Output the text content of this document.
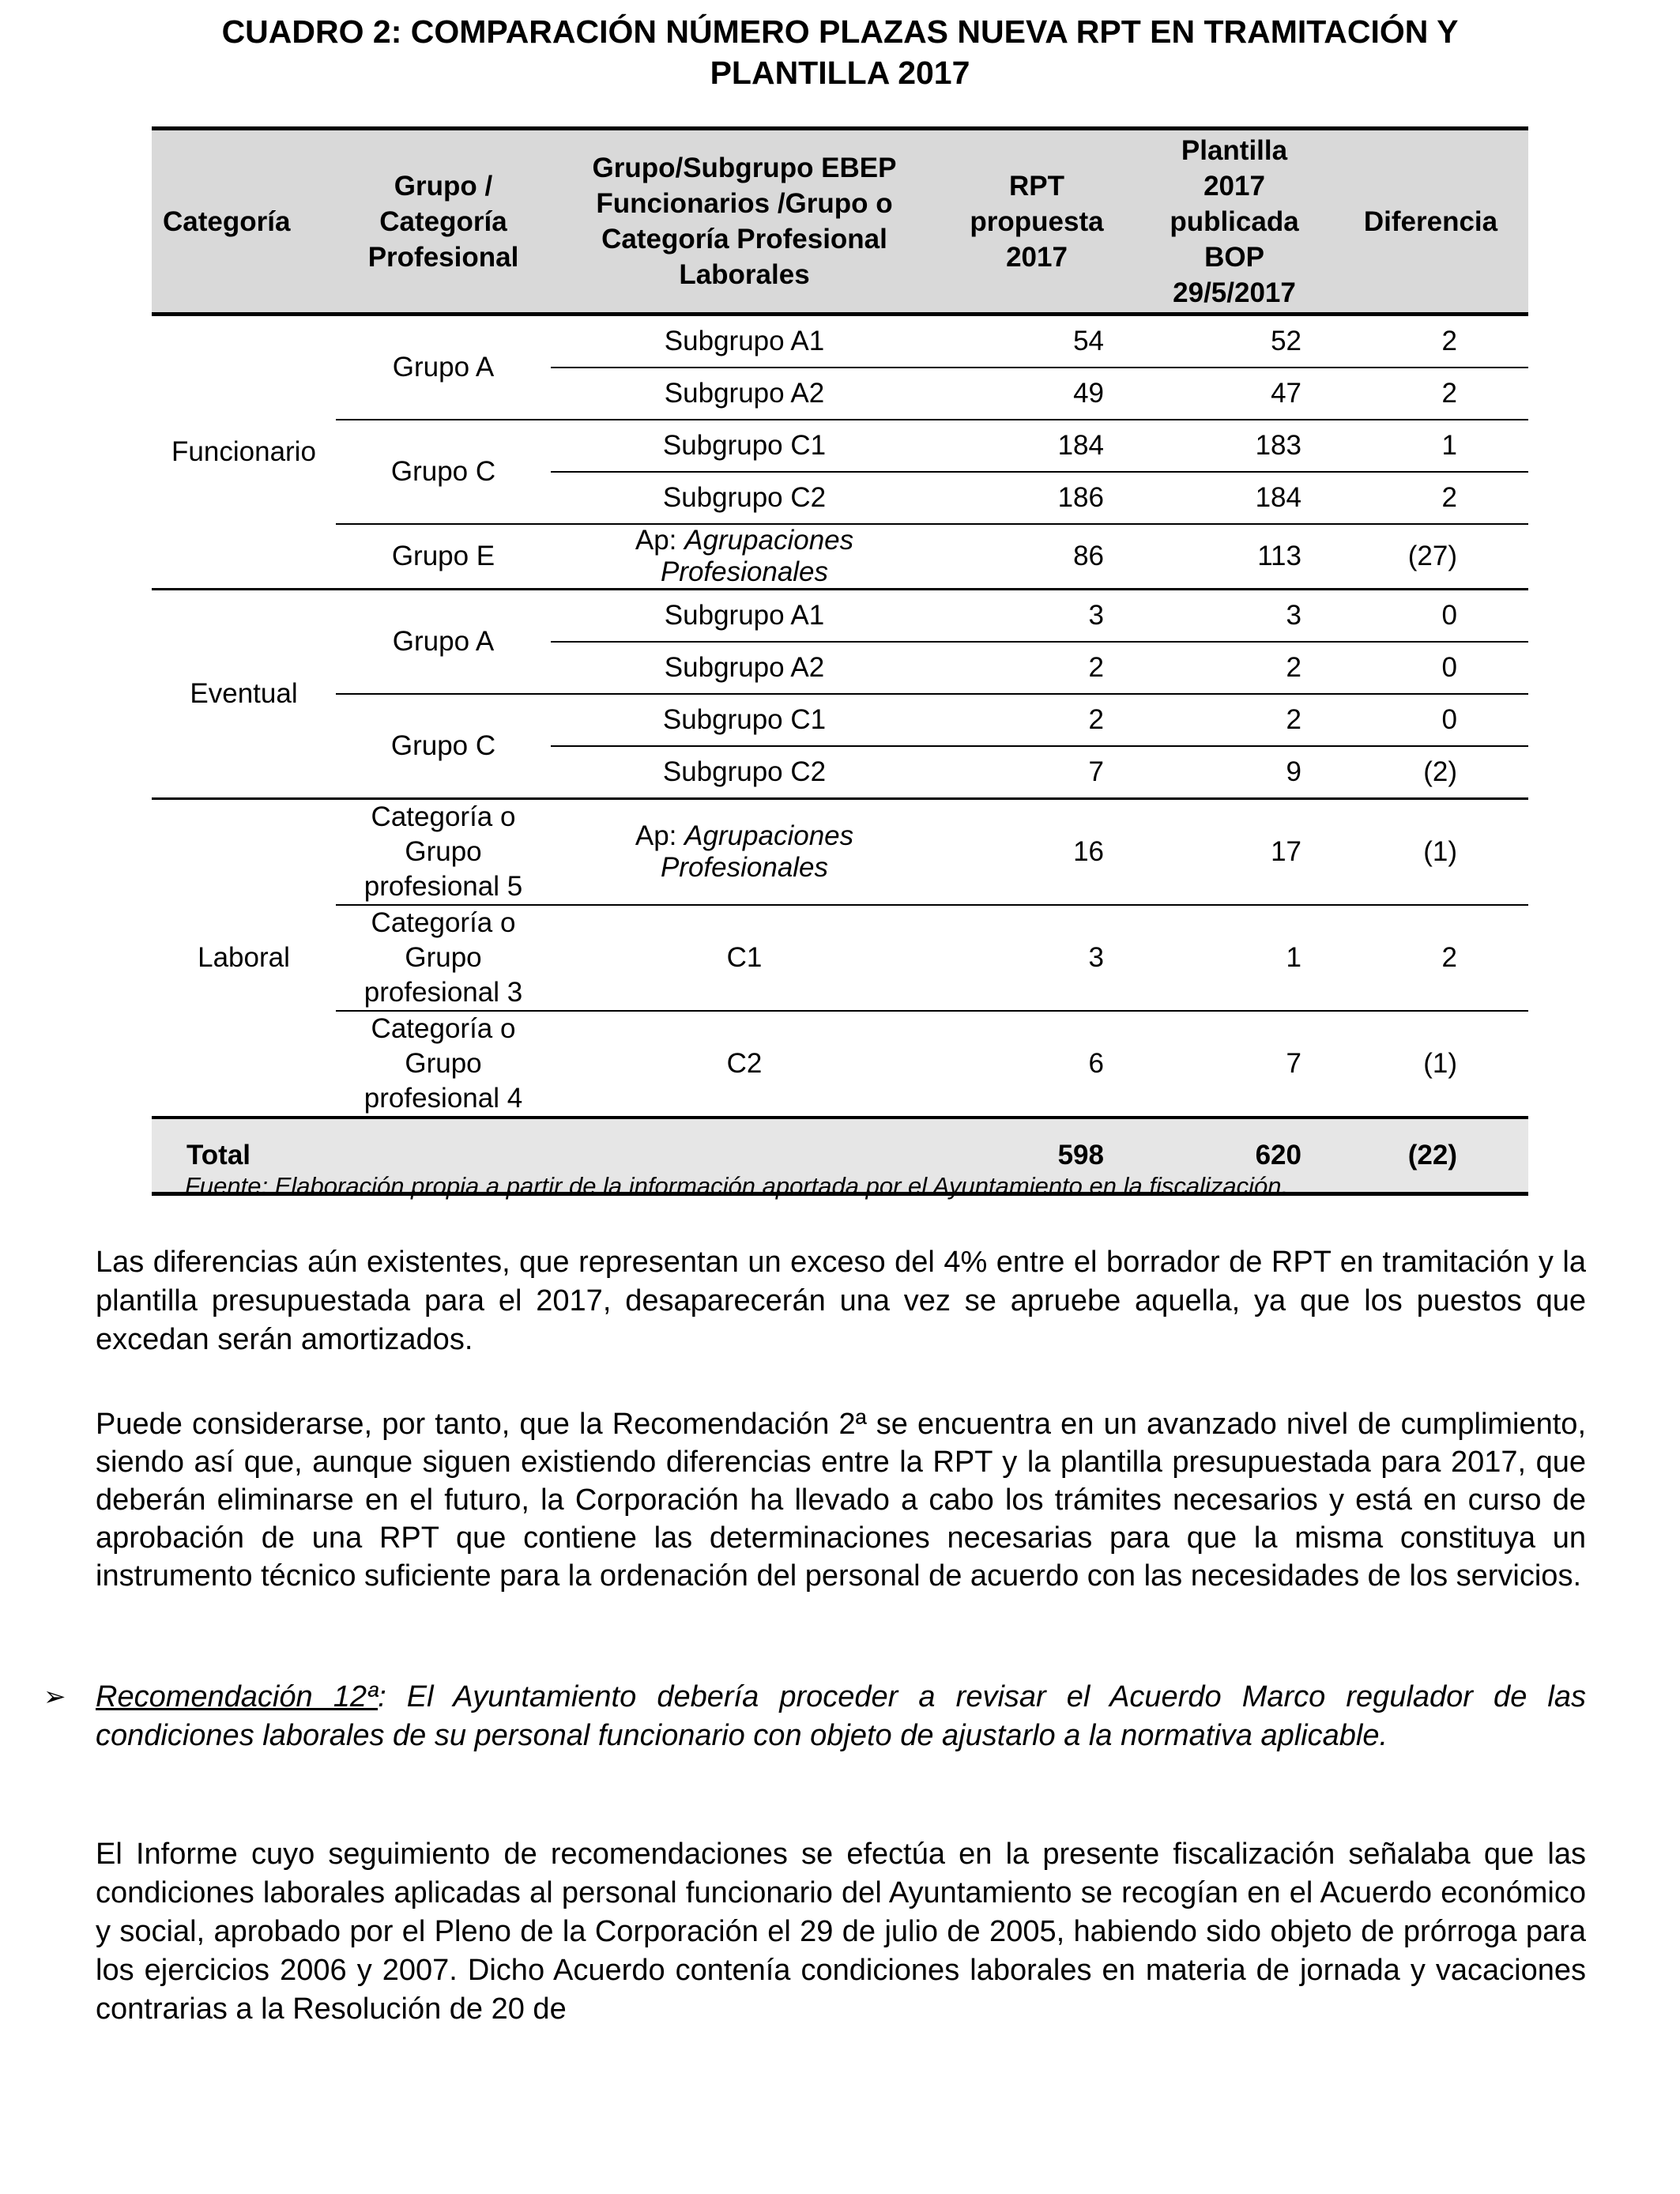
CUADRO 2: COMPARACIÓN NÚMERO PLAZAS NUEVA RPT EN TRAMITACIÓN Y
PLANTILLA 2017
Categoría	Grupo / Categoría Profesional	Grupo/Subgrupo EBEP Funcionarios /Grupo o Categoría Profesional Laborales	RPT propuesta 2017	Plantilla 2017 publicada BOP 29/5/2017	Diferencia
Funcionario	Grupo A	Subgrupo A1	54	52	2
		Subgrupo A2	49	47	2
	Grupo C	Subgrupo C1	184	183	1
		Subgrupo C2	186	184	2
	Grupo E	Ap: Agrupaciones Profesionales	86	113	(27)
Eventual	Grupo A	Subgrupo A1	3	3	0
		Subgrupo A2	2	2	0
	Grupo C	Subgrupo C1	2	2	0
		Subgrupo C2	7	9	(2)
Laboral	Categoría o Grupo profesional 5	Ap: Agrupaciones Profesionales	16	17	(1)
	Categoría o Grupo profesional 3	C1	3	1	2
	Categoría o Grupo profesional 4	C2	6	7	(1)
Total			598	620	(22)
Fuente: Elaboración propia a partir de la información aportada por el Ayuntamiento en la fiscalización.
Las diferencias aún existentes, que representan un exceso del 4% entre el borrador de RPT en tramitación y la plantilla presupuestada para el 2017, desaparecerán una vez se apruebe aquella, ya que los puestos que excedan serán amortizados.
Puede considerarse, por tanto, que la Recomendación 2ª se encuentra en un avanzado nivel de cumplimiento, siendo así que, aunque siguen existiendo diferencias entre la RPT y la plantilla presupuestada para 2017, que deberán eliminarse en el futuro, la Corporación ha llevado a cabo los trámites necesarios y está en curso de aprobación de una RPT que contiene las determinaciones necesarias para que la misma constituya un instrumento técnico suficiente para la ordenación del personal de acuerdo con las necesidades de los servicios.
➢ Recomendación 12ª: El Ayuntamiento debería proceder a revisar el Acuerdo Marco regulador de las condiciones laborales de su personal funcionario con objeto de ajustarlo a la normativa aplicable.
El Informe cuyo seguimiento de recomendaciones se efectúa en la presente fiscalización señalaba que las condiciones laborales aplicadas al personal funcionario del Ayuntamiento se recogían en el Acuerdo económico y social, aprobado por el Pleno de la Corporación el 29 de julio de 2005, habiendo sido objeto de prórroga para los ejercicios 2006 y 2007. Dicho Acuerdo contenía condiciones laborales en materia de jornada y vacaciones contrarias a la Resolución de 20 de
